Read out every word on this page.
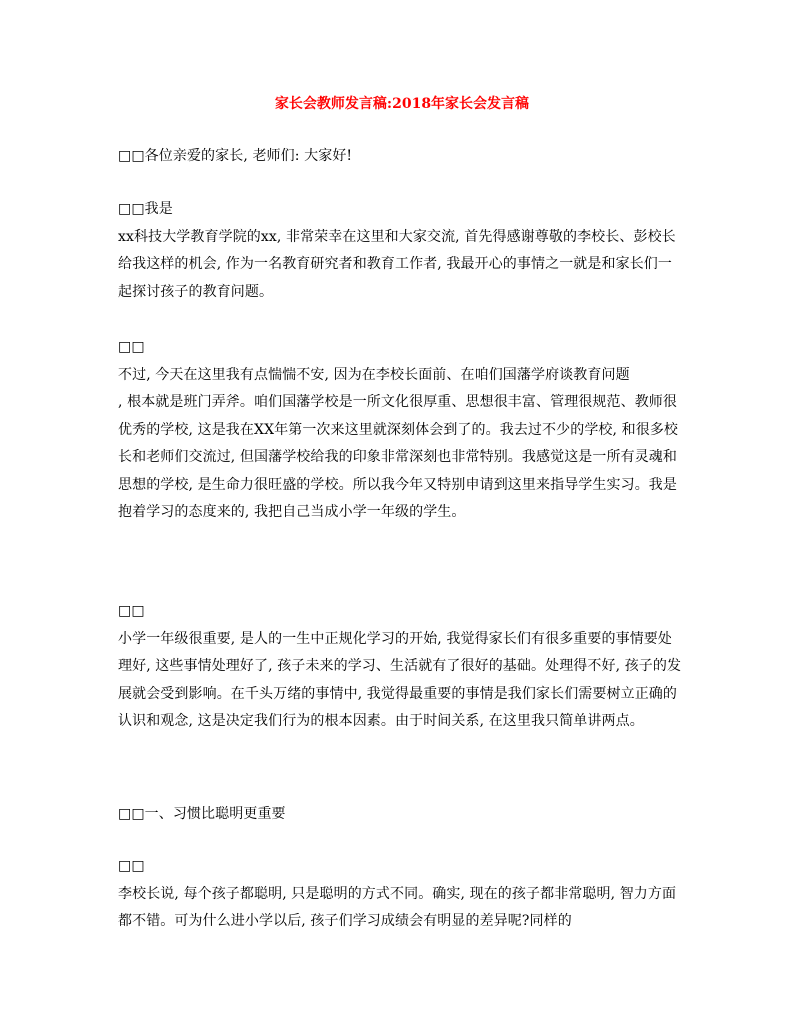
家长会教师发言稿:2018年家长会发言稿
□□各位亲爱的家长, 老师们: 大家好!
□□我是
xx科技大学教育学院的xx, 非常荣幸在这里和大家交流, 首先得感谢尊敬的李校长、彭校长给我这样的机会, 作为一名教育研究者和教育工作者, 我最开心的事情之一就是和家长们一起探讨孩子的教育问题。
□□
不过, 今天在这里我有点惴惴不安, 因为在李校长面前、在咱们国藩学府谈教育问题
, 根本就是班门弄斧。咱们国藩学校是一所文化很厚重、思想很丰富、管理很规范、教师很优秀的学校, 这是我在XX年第一次来这里就深刻体会到了的。我去过不少的学校, 和很多校长和老师们交流过, 但国藩学校给我的印象非常深刻也非常特别。我感觉这是一所有灵魂和思想的学校, 是生命力很旺盛的学校。所以我今年又特别申请到这里来指导学生实习。我是抱着学习的态度来的, 我把自己当成小学一年级的学生。
□□
小学一年级很重要, 是人的一生中正规化学习的开始, 我觉得家长们有很多重要的事情要处理好, 这些事情处理好了, 孩子未来的学习、生活就有了很好的基础。处理得不好, 孩子的发展就会受到影响。在千头万绪的事情中, 我觉得最重要的事情是我们家长们需要树立正确的认识和观念, 这是决定我们行为的根本因素。由于时间关系, 在这里我只简单讲两点。
□□一、习惯比聪明更重要
□□
李校长说, 每个孩子都聪明, 只是聪明的方式不同。确实, 现在的孩子都非常聪明, 智力方面都不错。可为什么进小学以后, 孩子们学习成绩会有明显的差异呢?同样的
